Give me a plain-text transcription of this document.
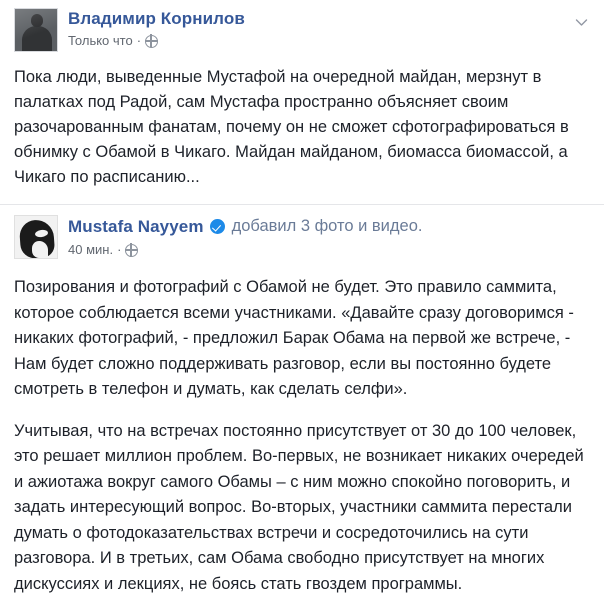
Владимир Корнилов
Только что ·
Пока люди, выведенные Мустафой на очередной майдан, мерзнут в палатках под Радой, сам Мустафа пространно объясняет своим разочарованным фанатам, почему он не сможет сфотографироваться в обнимку с Обамой в Чикаго. Майдан майданом, биомасса биомассой, а Чикаго по расписанию...
Mustafa Nayyem добавил 3 фото и видео.
40 мин. ·

Позирования и фотографий с Обамой не будет. Это правило саммита, которое соблюдается всеми участниками. «Давайте сразу договоримся - никаких фотографий, - предложил Барак Обама на первой же встрече, - Нам будет сложно поддерживать разговор, если вы постоянно будете смотреть в телефон и думать, как сделать селфи».

Учитывая, что на встречах постоянно присутствует от 30 до 100 человек, это решает миллион проблем. Во-первых, не возникает никаких очередей и ажиотажа вокруг самого Обамы – с ним можно спокойно поговорить, и задать интересующий вопрос. Во-вторых, участники саммита перестали думать о фотодоказательствах встречи и сосредоточились на сути разговора. И в третьих, сам Обама свободно присутствует на многих дискуссиях и лекциях, не боясь стать гвоздем программы.
